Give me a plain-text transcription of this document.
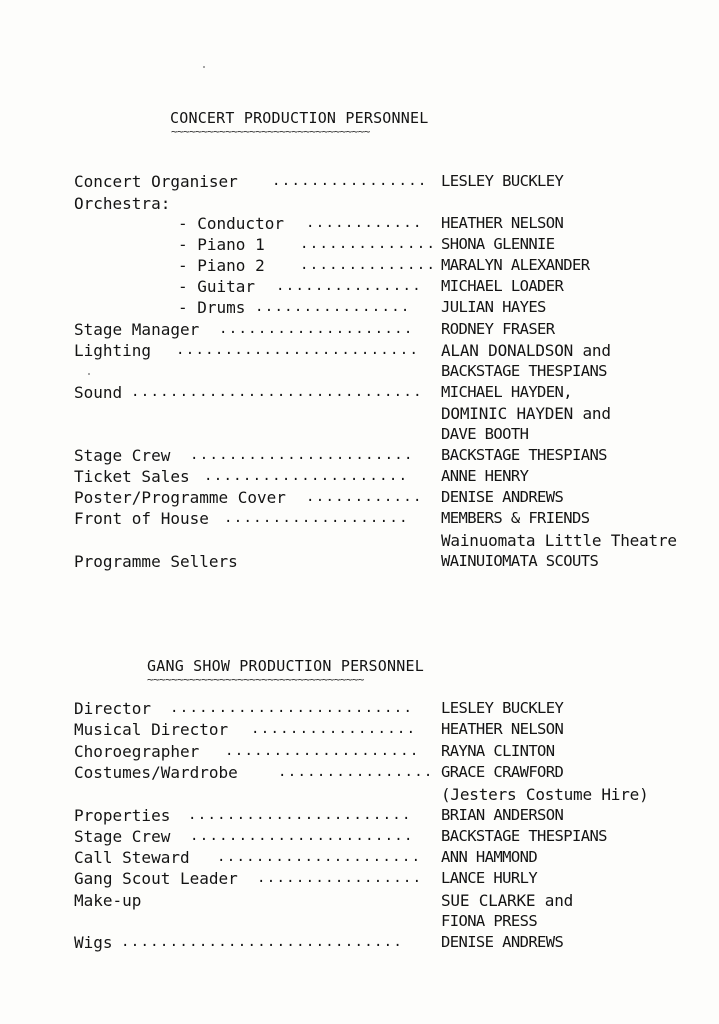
CONCERT PRODUCTION PERSONNEL
~~~~~~~~~~~~~~~~~~~~~~~~~~~~~~~~~
Concert Organiser ................ LESLEY BUCKLEY
Orchestra:
- Conductor ............ HEATHER NELSON
- Piano 1	.............. SHONA GLENNIE
- Piano 2	.............. MARALYN ALEXANDER
- Guitar ............... MICHAEL LOADER
- Drums ................ JULIAN HAYES
Stage Manager .................... RODNEY FRASER
Lighting ......................... ALAN DONALDSON and
BACKSTAGE THESPIANS
Sound .............................. MICHAEL HAYDEN,
DOMINIC HAYDEN and
DAVE BOOTH
Stage Crew ....................... BACKSTAGE THESPIANS
Ticket Sales ..................... ANNE HENRY
Poster/Programme Cover ............ DENISE ANDREWS
Front of House ................... MEMBERS & FRIENDS
Wainuomata Little Theatre
Programme Sellers	WAINUIOMATA SCOUTS
GANG SHOW PRODUCTION PERSONNEL
~~~~~~~~~~~~~~~~~~~~~~~~~~~~~~~~~~~~
Director ......................... LESLEY BUCKLEY
Musical Director ................. HEATHER NELSON
Choroegrapher .................... RAYNA CLINTON
Costumes/Wardrobe	................ GRACE CRAWFORD
(Jesters Costume Hire)
Properties ....................... BRIAN ANDERSON
Stage Crew ....................... BACKSTAGE THESPIANS
Call Steward ..................... ANN HAMMOND
Gang Scout Leader ................. LANCE HURLY
Make-up	SUE CLARKE and
FIONA PRESS
Wigs ............................. DENISE ANDREWS
